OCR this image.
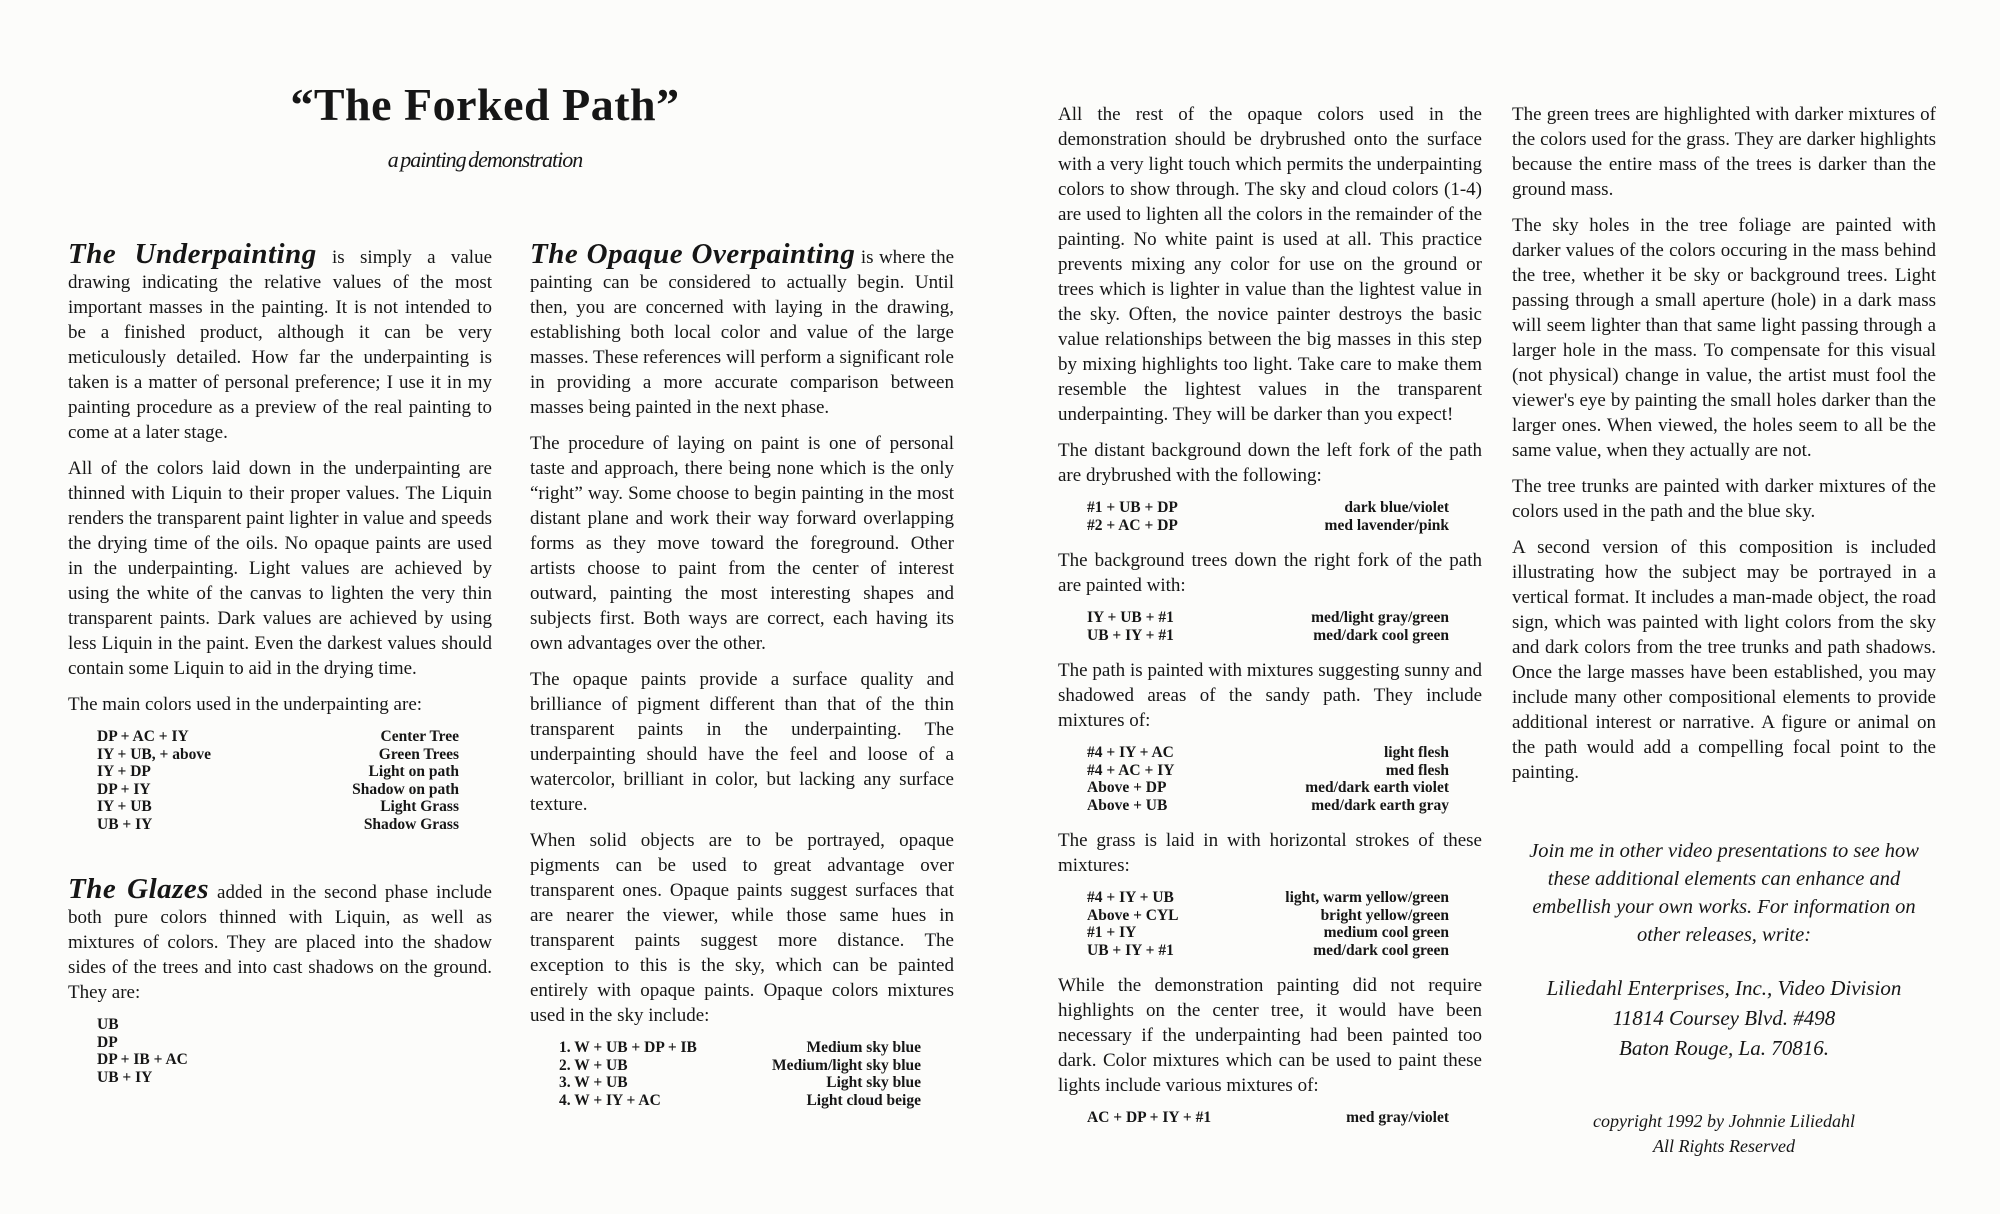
“The Forked Path”
a painting demonstration

The Underpainting is simply a value drawing indicating the relative values of the most important masses in the painting. It is not intended to be a finished product, although it can be very meticulously detailed. How far the underpainting is taken is a matter of personal preference; I use it in my painting procedure as a preview of the real painting to come at a later stage.

All of the colors laid down in the underpainting are thinned with Liquin to their proper values. The Liquin renders the transparent paint lighter in value and speeds the drying time of the oils. No opaque paints are used in the underpainting. Light values are achieved by using the white of the canvas to lighten the very thin transparent paints. Dark values are achieved by using less Liquin in the paint. Even the darkest values should contain some Liquin to aid in the drying time.

The main colors used in the underpainting are:

DP + AC + IY	Center Tree
IY + UB, + above	Green Trees
IY + DP	Light on path
DP + IY	Shadow on path
IY + UB	Light Grass
UB + IY	Shadow Grass

The Glazes added in the second phase include both pure colors thinned with Liquin, as well as mixtures of colors. They are placed into the shadow sides of the trees and into cast shadows on the ground. They are:

UB
DP
DP + IB + AC
UB + IY

The Opaque Overpainting is where the painting can be considered to actually begin. Until then, you are concerned with laying in the drawing, establishing both local color and value of the large masses. These references will perform a significant role in providing a more accurate comparison between masses being painted in the next phase.

The procedure of laying on paint is one of personal taste and approach, there being none which is the only “right” way. Some choose to begin painting in the most distant plane and work their way forward overlapping forms as they move toward the foreground. Other artists choose to paint from the center of interest outward, painting the most interesting shapes and subjects first. Both ways are correct, each having its own advantages over the other.

The opaque paints provide a surface quality and brilliance of pigment different than that of the thin transparent paints in the underpainting. The underpainting should have the feel and loose of a watercolor, brilliant in color, but lacking any surface texture.

When solid objects are to be portrayed, opaque pigments can be used to great advantage over transparent ones. Opaque paints suggest surfaces that are nearer the viewer, while those same hues in transparent paints suggest more distance. The exception to this is the sky, which can be painted entirely with opaque paints. Opaque colors mixtures used in the sky include:

1. W + UB + DP + IB	Medium sky blue
2. W + UB	Medium/light sky blue
3. W + UB	Light sky blue
4. W + IY + AC	Light cloud beige

All the rest of the opaque colors used in the demonstration should be drybrushed onto the surface with a very light touch which permits the underpainting colors to show through. The sky and cloud colors (1-4) are used to lighten all the colors in the remainder of the painting. No white paint is used at all. This practice prevents mixing any color for use on the ground or trees which is lighter in value than the lightest value in the sky. Often, the novice painter destroys the basic value relationships between the big masses in this step by mixing highlights too light. Take care to make them resemble the lightest values in the transparent underpainting. They will be darker than you expect!

The distant background down the left fork of the path are drybrushed with the following:

#1 + UB + DP	dark blue/violet
#2 + AC + DP	med lavender/pink

The background trees down the right fork of the path are painted with:

IY + UB + #1	med/light gray/green
UB + IY + #1	med/dark cool green

The path is painted with mixtures suggesting sunny and shadowed areas of the sandy path. They include mixtures of:

#4 + IY + AC	light flesh
#4 + AC + IY	med flesh
Above + DP	med/dark earth violet
Above + UB	med/dark earth gray

The grass is laid in with horizontal strokes of these mixtures:

#4 + IY + UB	light, warm yellow/green
Above + CYL	bright yellow/green
#1 + IY	medium cool green
UB + IY + #1	med/dark cool green

While the demonstration painting did not require highlights on the center tree, it would have been necessary if the underpainting had been painted too dark. Color mixtures which can be used to paint these lights include various mixtures of:

AC + DP + IY + #1	med gray/violet

The green trees are highlighted with darker mixtures of the colors used for the grass. They are darker highlights because the entire mass of the trees is darker than the ground mass.

The sky holes in the tree foliage are painted with darker values of the colors occuring in the mass behind the tree, whether it be sky or background trees. Light passing through a small aperture (hole) in a dark mass will seem lighter than that same light passing through a larger hole in the mass. To compensate for this visual (not physical) change in value, the artist must fool the viewer's eye by painting the small holes darker than the larger ones. When viewed, the holes seem to all be the same value, when they actually are not.

The tree trunks are painted with darker mixtures of the colors used in the path and the blue sky.

A second version of this composition is included illustrating how the subject may be portrayed in a vertical format. It includes a man-made object, the road sign, which was painted with light colors from the sky and dark colors from the tree trunks and path shadows. Once the large masses have been established, you may include many other compositional elements to provide additional interest or narrative. A figure or animal on the path would add a compelling focal point to the painting.

Join me in other video presentations to see how these additional elements can enhance and embellish your own works. For information on other releases, write:
Liliedahl Enterprises, Inc., Video Division
11814 Coursey Blvd. #498
Baton Rouge, La. 70816.
copyright 1992 by Johnnie Liliedahl
All Rights Reserved
